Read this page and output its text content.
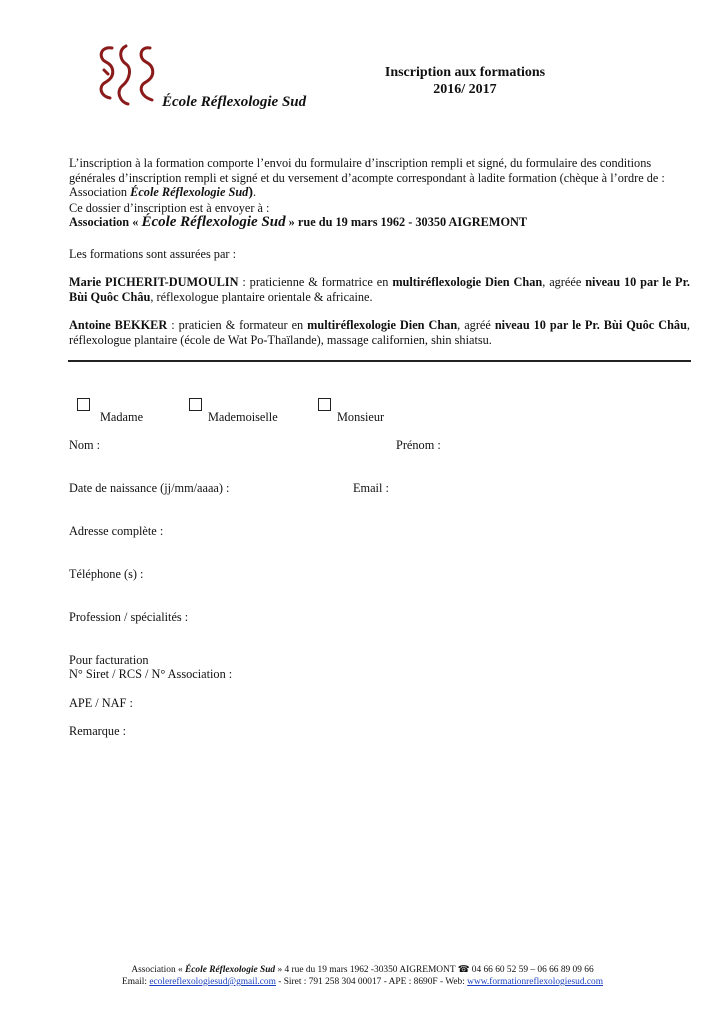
École Réflexologie Sud
Inscription aux formations
2016/ 2017
L’inscription à la formation comporte l’envoi du formulaire d’inscription rempli et signé, du formulaire des conditions générales d’inscription rempli et signé et du versement d’acompte correspondant à ladite formation (chèque à l’ordre de : Association École Réflexologie Sud).
Ce dossier d’inscription est à envoyer à :
Association « École Réflexologie Sud » rue du 19 mars 1962 - 30350 AIGREMONT
Les formations sont assurées par :
Marie PICHERIT-DUMOULIN : praticienne & formatrice en multiréflexologie Dien Chan, agréée niveau 10 par le Pr. Bùi Quôc Châu, réflexologue plantaire orientale & africaine.
Antoine BEKKER : praticien & formateur en multiréflexologie Dien Chan, agréé niveau 10 par le Pr. Bùi Quôc Châu, réflexologue plantaire (école de Wat Po-Thaïlande), massage californien, shin shiatsu.
Madame	Mademoiselle	Monsieur
Nom :	Prénom :
Date de naissance (jj/mm/aaaa) :	Email :
Adresse complète :
Téléphone (s) :
Profession / spécialités :
Pour facturation
N° Siret / RCS / N° Association :
APE / NAF :
Remarque :
Association « École Réflexologie Sud » 4 rue du 19 mars 1962 -30350 AIGREMONT ☎ 04 66 60 52 59 – 06 66 89 09 66
Email: ecolereflexologiesud@gmail.com - Siret : 791 258 304 00017 - APE : 8690F - Web: www.formationreflexologiesud.com
